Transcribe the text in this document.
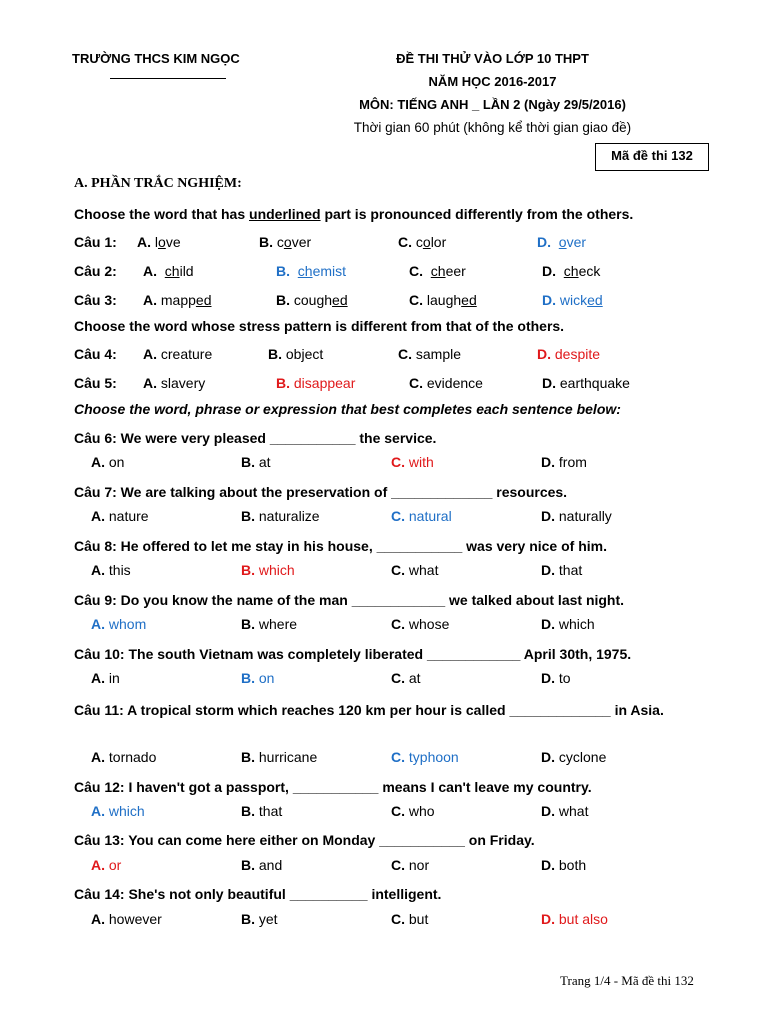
TRƯỜNG THCS KIM NGỌC	ĐỀ THI THỬ VÀO LỚP 10 THPT
NĂM HỌC 2016-2017
MÔN: TIẾNG ANH _ LẦN 2 (Ngày 29/5/2016)
Thời gian 60 phút (không kể thời gian giao đề)
Mã đề thi 132
A. PHẦN TRẮC NGHIỆM:
Choose the word that has underlined part is pronounced differently from the others.
Câu 1: A. love	B. cover	C. color	D. over
Câu 2: A. child	B. chemist	C. cheer	D. check
Câu 3: A. mapped	B. coughed	C. laughed	D. wicked
Choose the word whose stress pattern is different from that of the others.
Câu 4: A. creature	B. object	C. sample	D. despite
Câu 5: A. slavery	B. disappear	C. evidence	D. earthquake
Choose the word, phrase or expression that best completes each sentence below:
Câu 6: We were very pleased ___________ the service.
A. on	B. at	C. with	D. from
Câu 7: We are talking about the preservation of _____________ resources.
A. nature	B. naturalize	C. natural	D. naturally
Câu 8: He offered to let me stay in his house, ___________ was very nice of him.
A. this	B. which	C. what	D. that
Câu 9: Do you know the name of the man ____________ we talked about last night.
A. whom	B. where	C. whose	D. which
Câu 10: The south Vietnam was completely liberated ____________ April 30th, 1975.
A. in	B. on	C. at	D. to
Câu 11: A tropical storm which reaches 120 km per hour is called _____________ in Asia.
A. tornado	B. hurricane	C. typhoon	D. cyclone
Câu 12: I haven't got a passport, ___________ means I can't leave my country.
A. which	B. that	C. who	D. what
Câu 13: You can come here either on Monday ___________ on Friday.
A. or	B. and	C. nor	D. both
Câu 14: She's not only beautiful __________ intelligent.
A. however	B. yet	C. but	D. but also
Trang 1/4 - Mã đề thi 132
